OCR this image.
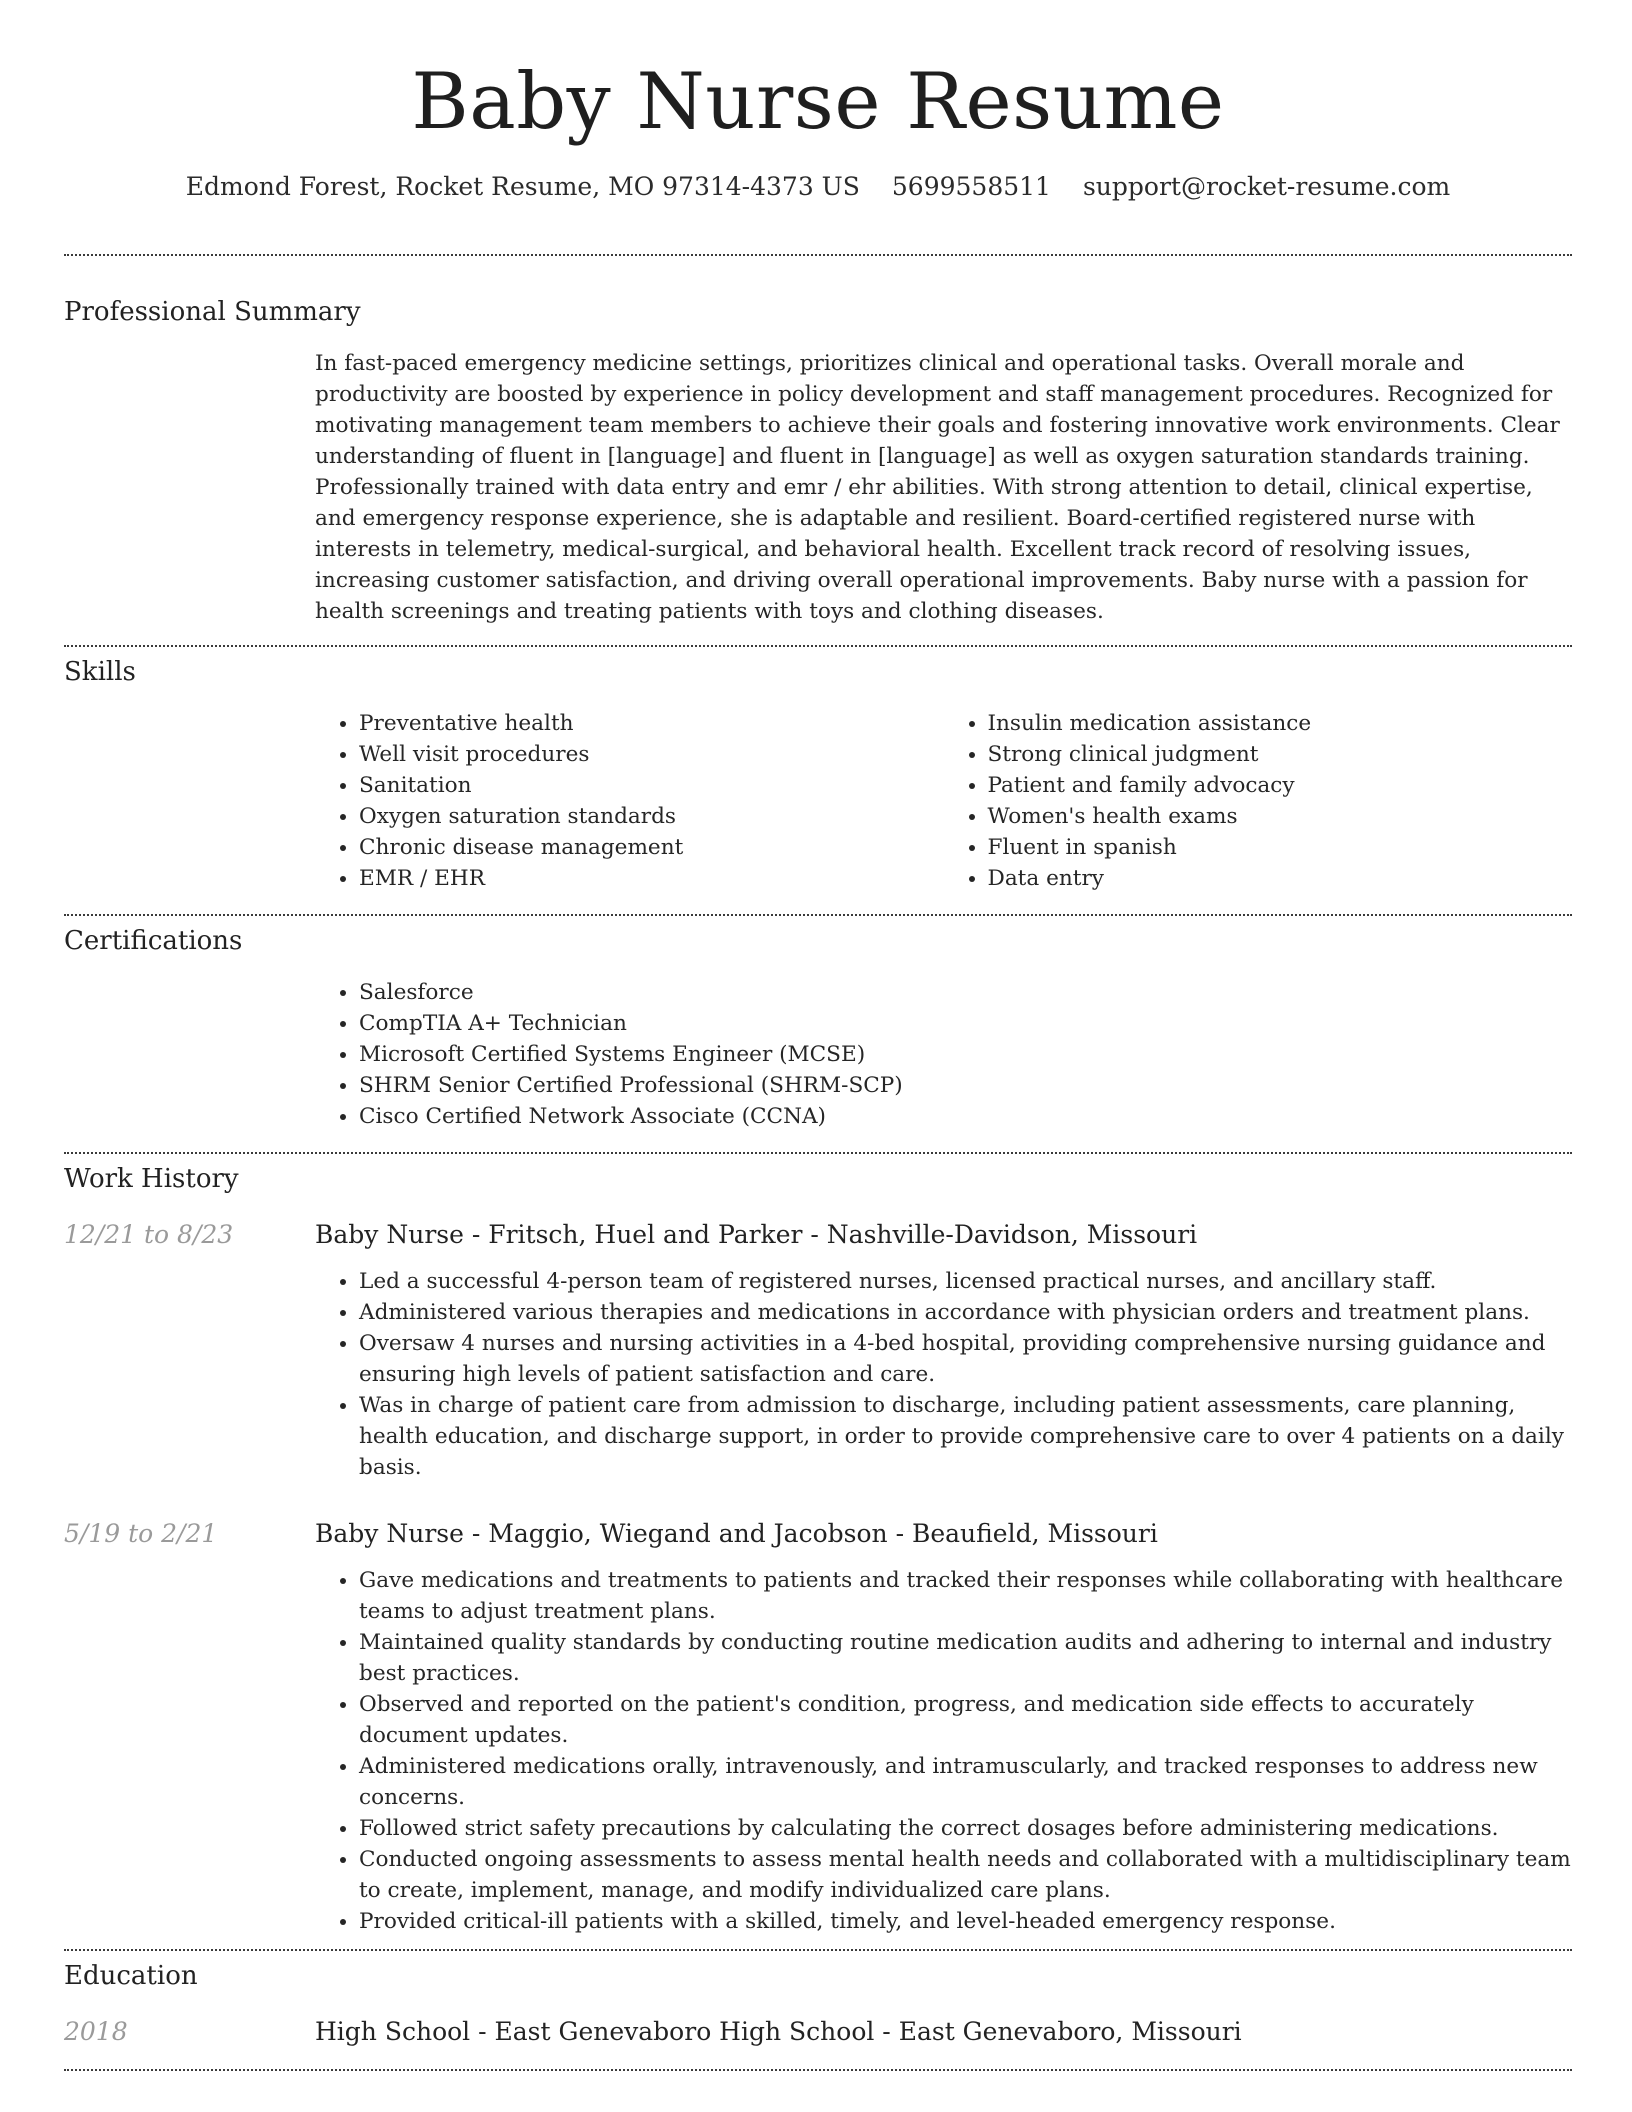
Baby Nurse Resume
Edmond Forest, Rocket Resume, MO 97314-4373 US 5699558511 support@rocket-resume.com
Professional Summary
In fast-paced emergency medicine settings, prioritizes clinical and operational tasks. Overall morale and productivity are boosted by experience in policy development and staff management procedures. Recognized for motivating management team members to achieve their goals and fostering innovative work environments. Clear understanding of fluent in [language] and fluent in [language] as well as oxygen saturation standards training. Professionally trained with data entry and emr / ehr abilities. With strong attention to detail, clinical expertise, and emergency response experience, she is adaptable and resilient. Board-certified registered nurse with interests in telemetry, medical-surgical, and behavioral health. Excellent track record of resolving issues, increasing customer satisfaction, and driving overall operational improvements. Baby nurse with a passion for health screenings and treating patients with toys and clothing diseases.
Skills
• Preventative health
• Well visit procedures
• Sanitation
• Oxygen saturation standards
• Chronic disease management
• EMR / EHR
• Insulin medication assistance
• Strong clinical judgment
• Patient and family advocacy
• Women's health exams
• Fluent in spanish
• Data entry
Certifications
• Salesforce
• CompTIA A+ Technician
• Microsoft Certified Systems Engineer (MCSE)
• SHRM Senior Certified Professional (SHRM-SCP)
• Cisco Certified Network Associate (CCNA)
Work History
12/21 to 8/23	Baby Nurse - Fritsch, Huel and Parker - Nashville-Davidson, Missouri
• Led a successful 4-person team of registered nurses, licensed practical nurses, and ancillary staff.
• Administered various therapies and medications in accordance with physician orders and treatment plans.
• Oversaw 4 nurses and nursing activities in a 4-bed hospital, providing comprehensive nursing guidance and ensuring high levels of patient satisfaction and care.
• Was in charge of patient care from admission to discharge, including patient assessments, care planning, health education, and discharge support, in order to provide comprehensive care to over 4 patients on a daily basis.
5/19 to 2/21	Baby Nurse - Maggio, Wiegand and Jacobson - Beaufield, Missouri
• Gave medications and treatments to patients and tracked their responses while collaborating with healthcare teams to adjust treatment plans.
• Maintained quality standards by conducting routine medication audits and adhering to internal and industry best practices.
• Observed and reported on the patient's condition, progress, and medication side effects to accurately document updates.
• Administered medications orally, intravenously, and intramuscularly, and tracked responses to address new concerns.
• Followed strict safety precautions by calculating the correct dosages before administering medications.
• Conducted ongoing assessments to assess mental health needs and collaborated with a multidisciplinary team to create, implement, manage, and modify individualized care plans.
• Provided critical-ill patients with a skilled, timely, and level-headed emergency response.
Education
2018	High School - East Genevaboro High School - East Genevaboro, Missouri
